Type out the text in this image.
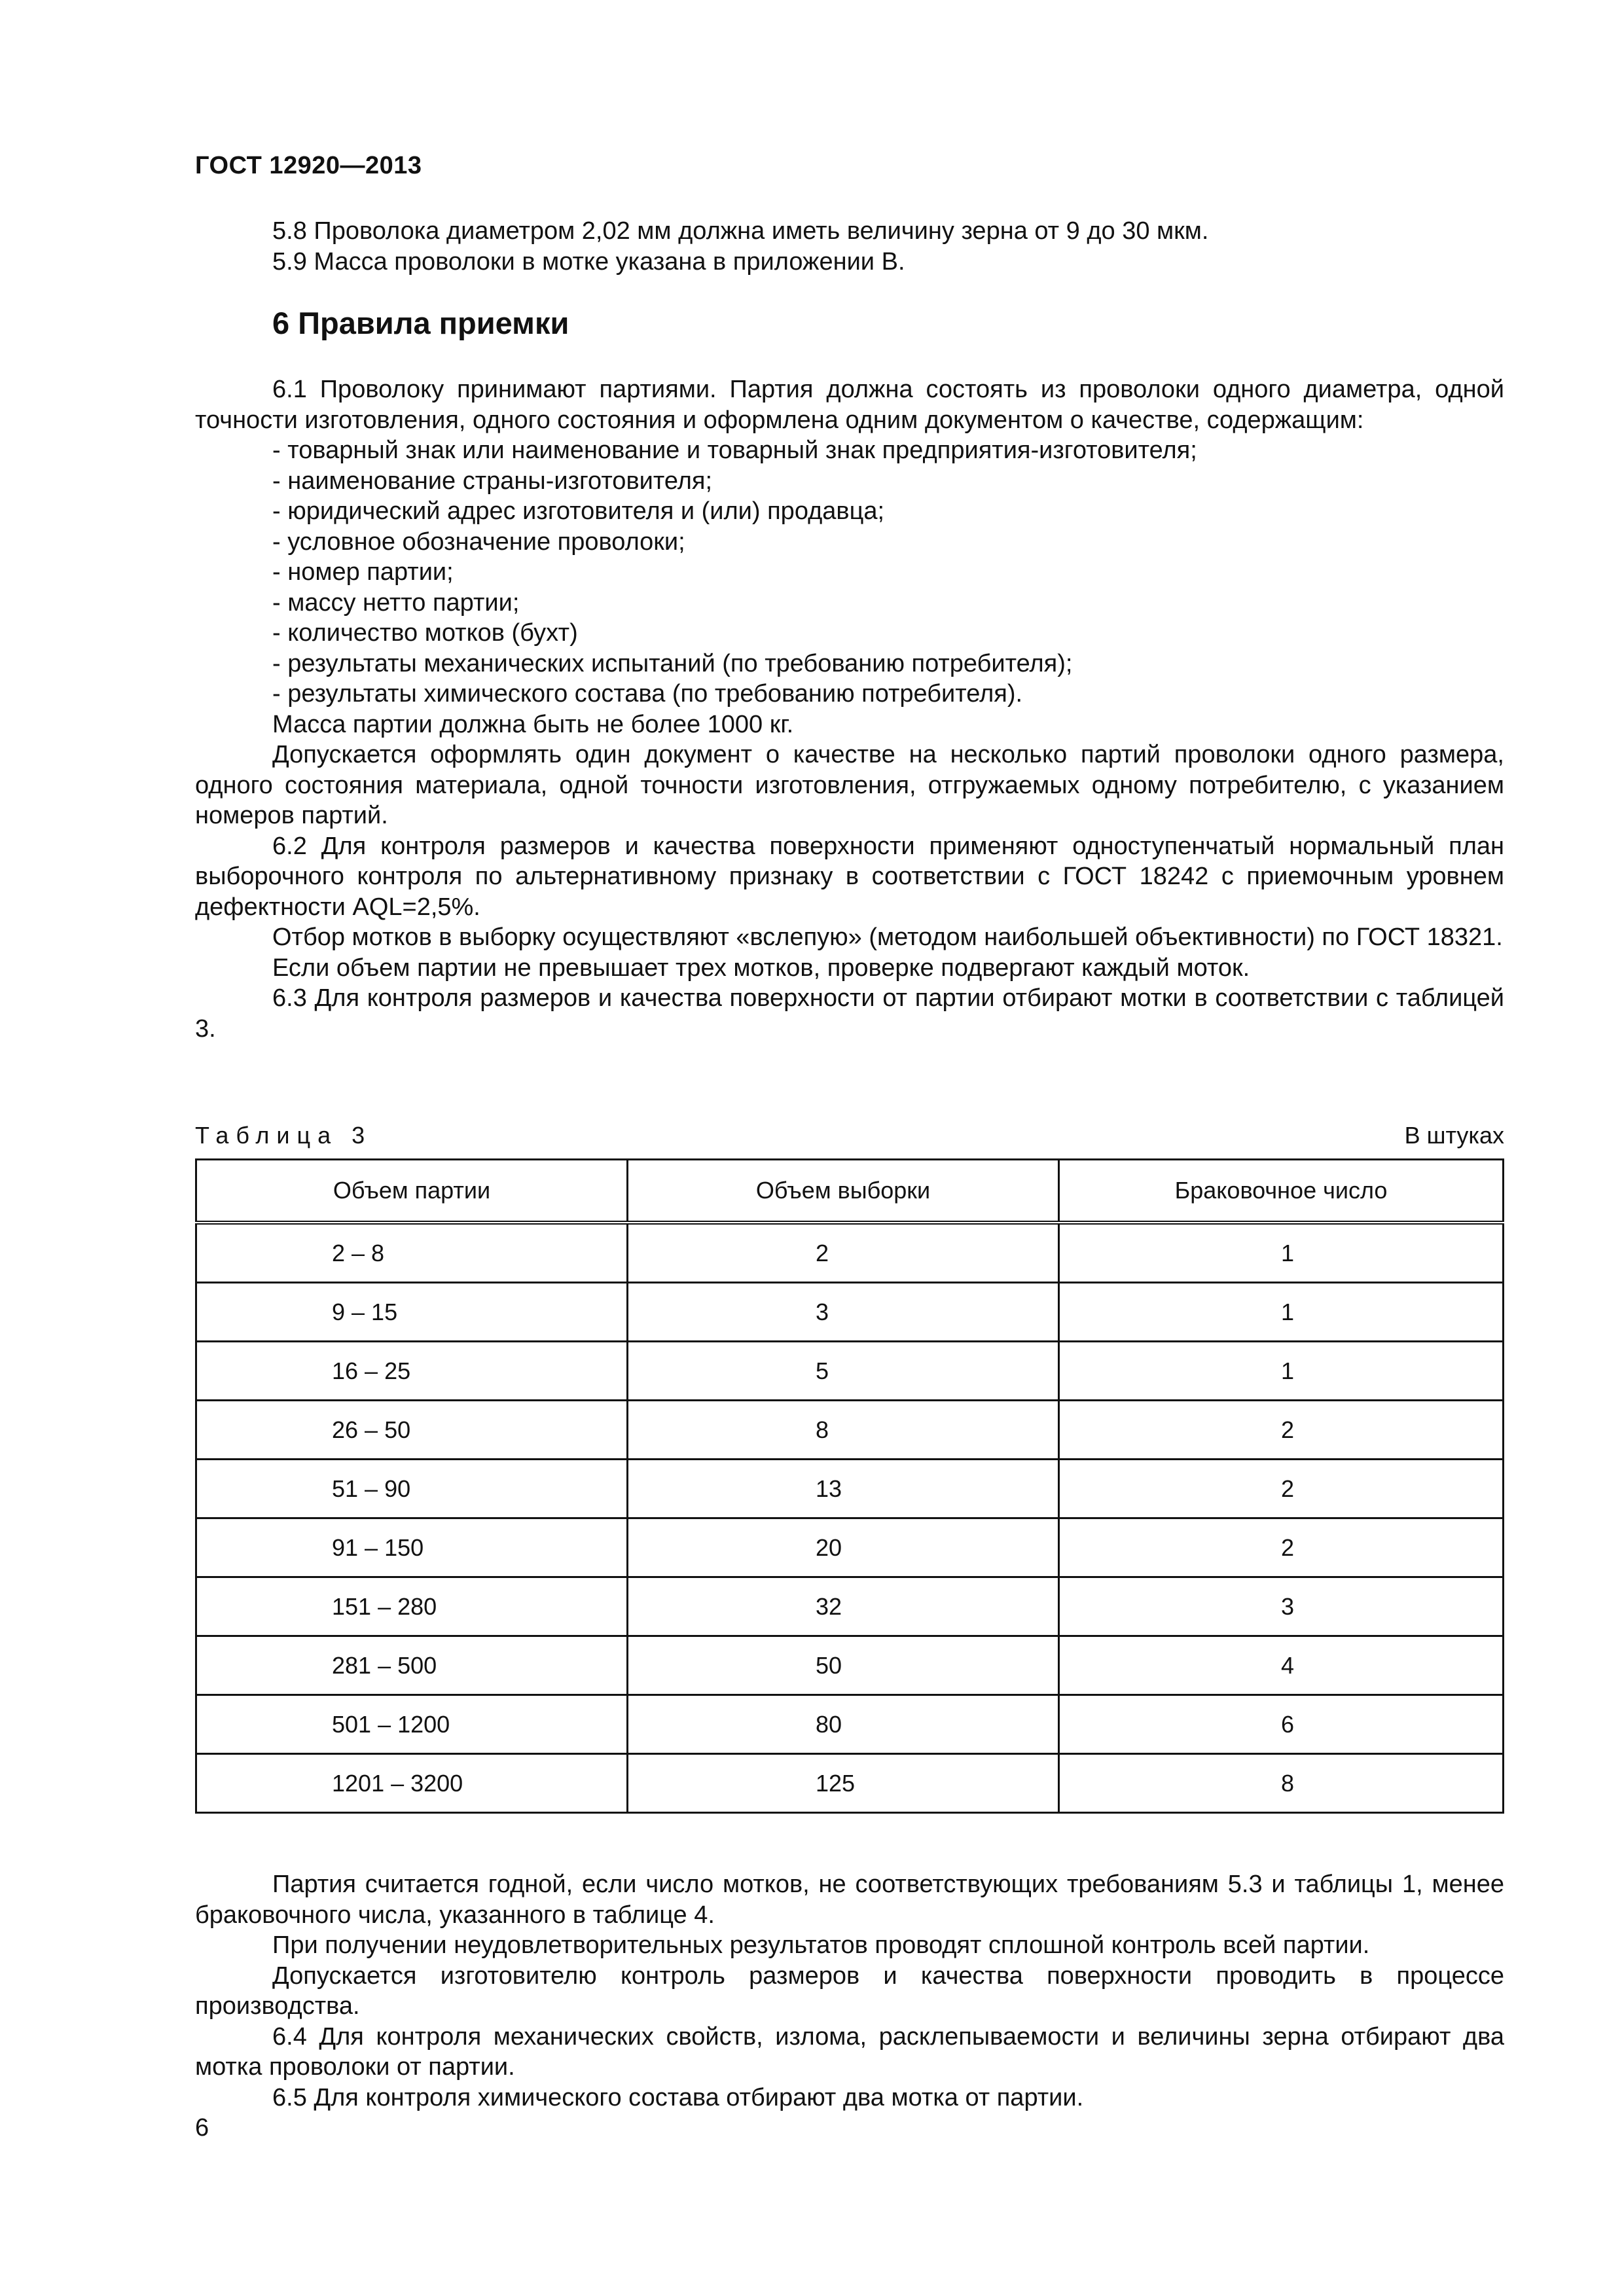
ГОСТ 12920—2013

5.8 Проволока диаметром 2,02 мм должна иметь величину зерна от 9 до 30 мкм.

5.9 Масса проволоки в мотке указана в приложении В.

6 Правила приемки

6.1 Проволоку принимают партиями. Партия должна состоять из проволоки одного диаметра, одной точности изготовления, одного состояния и оформлена одним документом о качестве, содержащим:

- товарный знак или наименование и товарный знак предприятия-изготовителя;

- наименование страны-изготовителя;

- юридический адрес изготовителя и (или) продавца;

- условное обозначение проволоки;

- номер партии;

- массу нетто партии;

- количество мотков (бухт)

- результаты механических испытаний (по требованию потребителя);

- результаты химического состава (по требованию потребителя).

Масса партии должна быть не более 1000 кг.

Допускается оформлять один документ о качестве на несколько партий проволоки одного размера, одного состояния материала, одной точности изготовления, отгружаемых одному потребителю, с указанием номеров партий.

6.2 Для контроля размеров и качества поверхности применяют одноступенчатый нормальный план выборочного контроля по альтернативному признаку в соответствии с ГОСТ 18242 с приемочным уровнем дефектности AQL=2,5%.

Отбор мотков в выборку осуществляют «вслепую» (методом наибольшей объективности) по ГОСТ 18321.

Если объем партии не превышает трех мотков, проверке подвергают каждый моток.

6.3 Для контроля размеров и качества поверхности от партии отбирают мотки в соответствии с таблицей 3.

Таблица 3	В штуках
Объем партии	Объем выборки	Браковочное число
2 – 8	2	1
9 – 15	3	1
16 – 25	5	1
26 – 50	8	2
51 – 90	13	2
91 – 150	20	2
151 – 280	32	3
281 – 500	50	4
501 – 1200	80	6
1201 – 3200	125	8

Партия считается годной, если число мотков, не соответствующих требованиям 5.3 и таблицы 1, менее браковочного числа, указанного в таблице 4.

При получении неудовлетворительных результатов проводят сплошной контроль всей партии.

Допускается изготовителю контроль размеров и качества поверхности проводить в процессе производства.

6.4 Для контроля механических свойств, излома, расклепываемости и величины зерна отбирают два мотка проволоки от партии.

6.5 Для контроля химического состава отбирают два мотка от партии.

6
